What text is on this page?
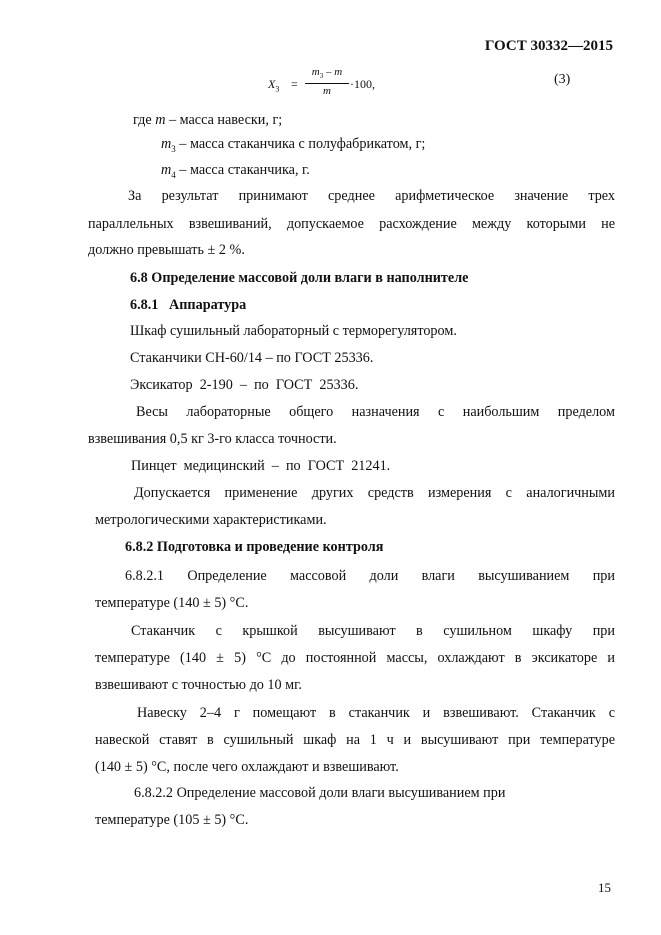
ГОСТ 30332—2015
$X_3 = \frac{m_3 - m}{m} \cdot 100$,	(3)
где m – масса навески, г;
$m_3$ – масса стаканчика с полуфабрикатом, г;
$m_4$ – масса стаканчика, г.
За результат принимают среднее арифметическое значение трех
параллельных взвешиваний, допускаемое расхождение между которыми не
должно превышать ± 2 %.
6.8 Определение массовой доли влаги в наполнителе
6.8.1   Аппаратура
Шкаф сушильный лабораторный с терморегулятором.
Стаканчики СН-60/14 – по ГОСТ 25336.
Эксикатор  2-190  –  по  ГОСТ  25336.
Весы лабораторные общего назначения с наибольшим пределом
взвешивания 0,5 кг 3-го класса точности.
Пинцет  медицинский  –  по  ГОСТ  21241.
Допускается применение других средств измерения с аналогичными
метрологическими характеристиками.
6.8.2 Подготовка и проведение контроля
6.8.2.1 Определение массовой доли влаги высушиванием при
температуре (140 ± 5) °C.
Стаканчик с крышкой высушивают в сушильном шкафу при
температуре (140 ± 5) °С до постоянной массы, охлаждают в эксикаторе и
взвешивают с точностью до 10 мг.
Навеску 2–4 г помещают в стаканчик и взвешивают. Стаканчик с
навеской ставят в сушильный шкаф на 1 ч и высушивают при температуре
(140 ± 5) °С, после чего охлаждают и взвешивают.
6.8.2.2 Определение массовой доли влаги высушиванием при
температуре (105 ± 5) °С.
15
